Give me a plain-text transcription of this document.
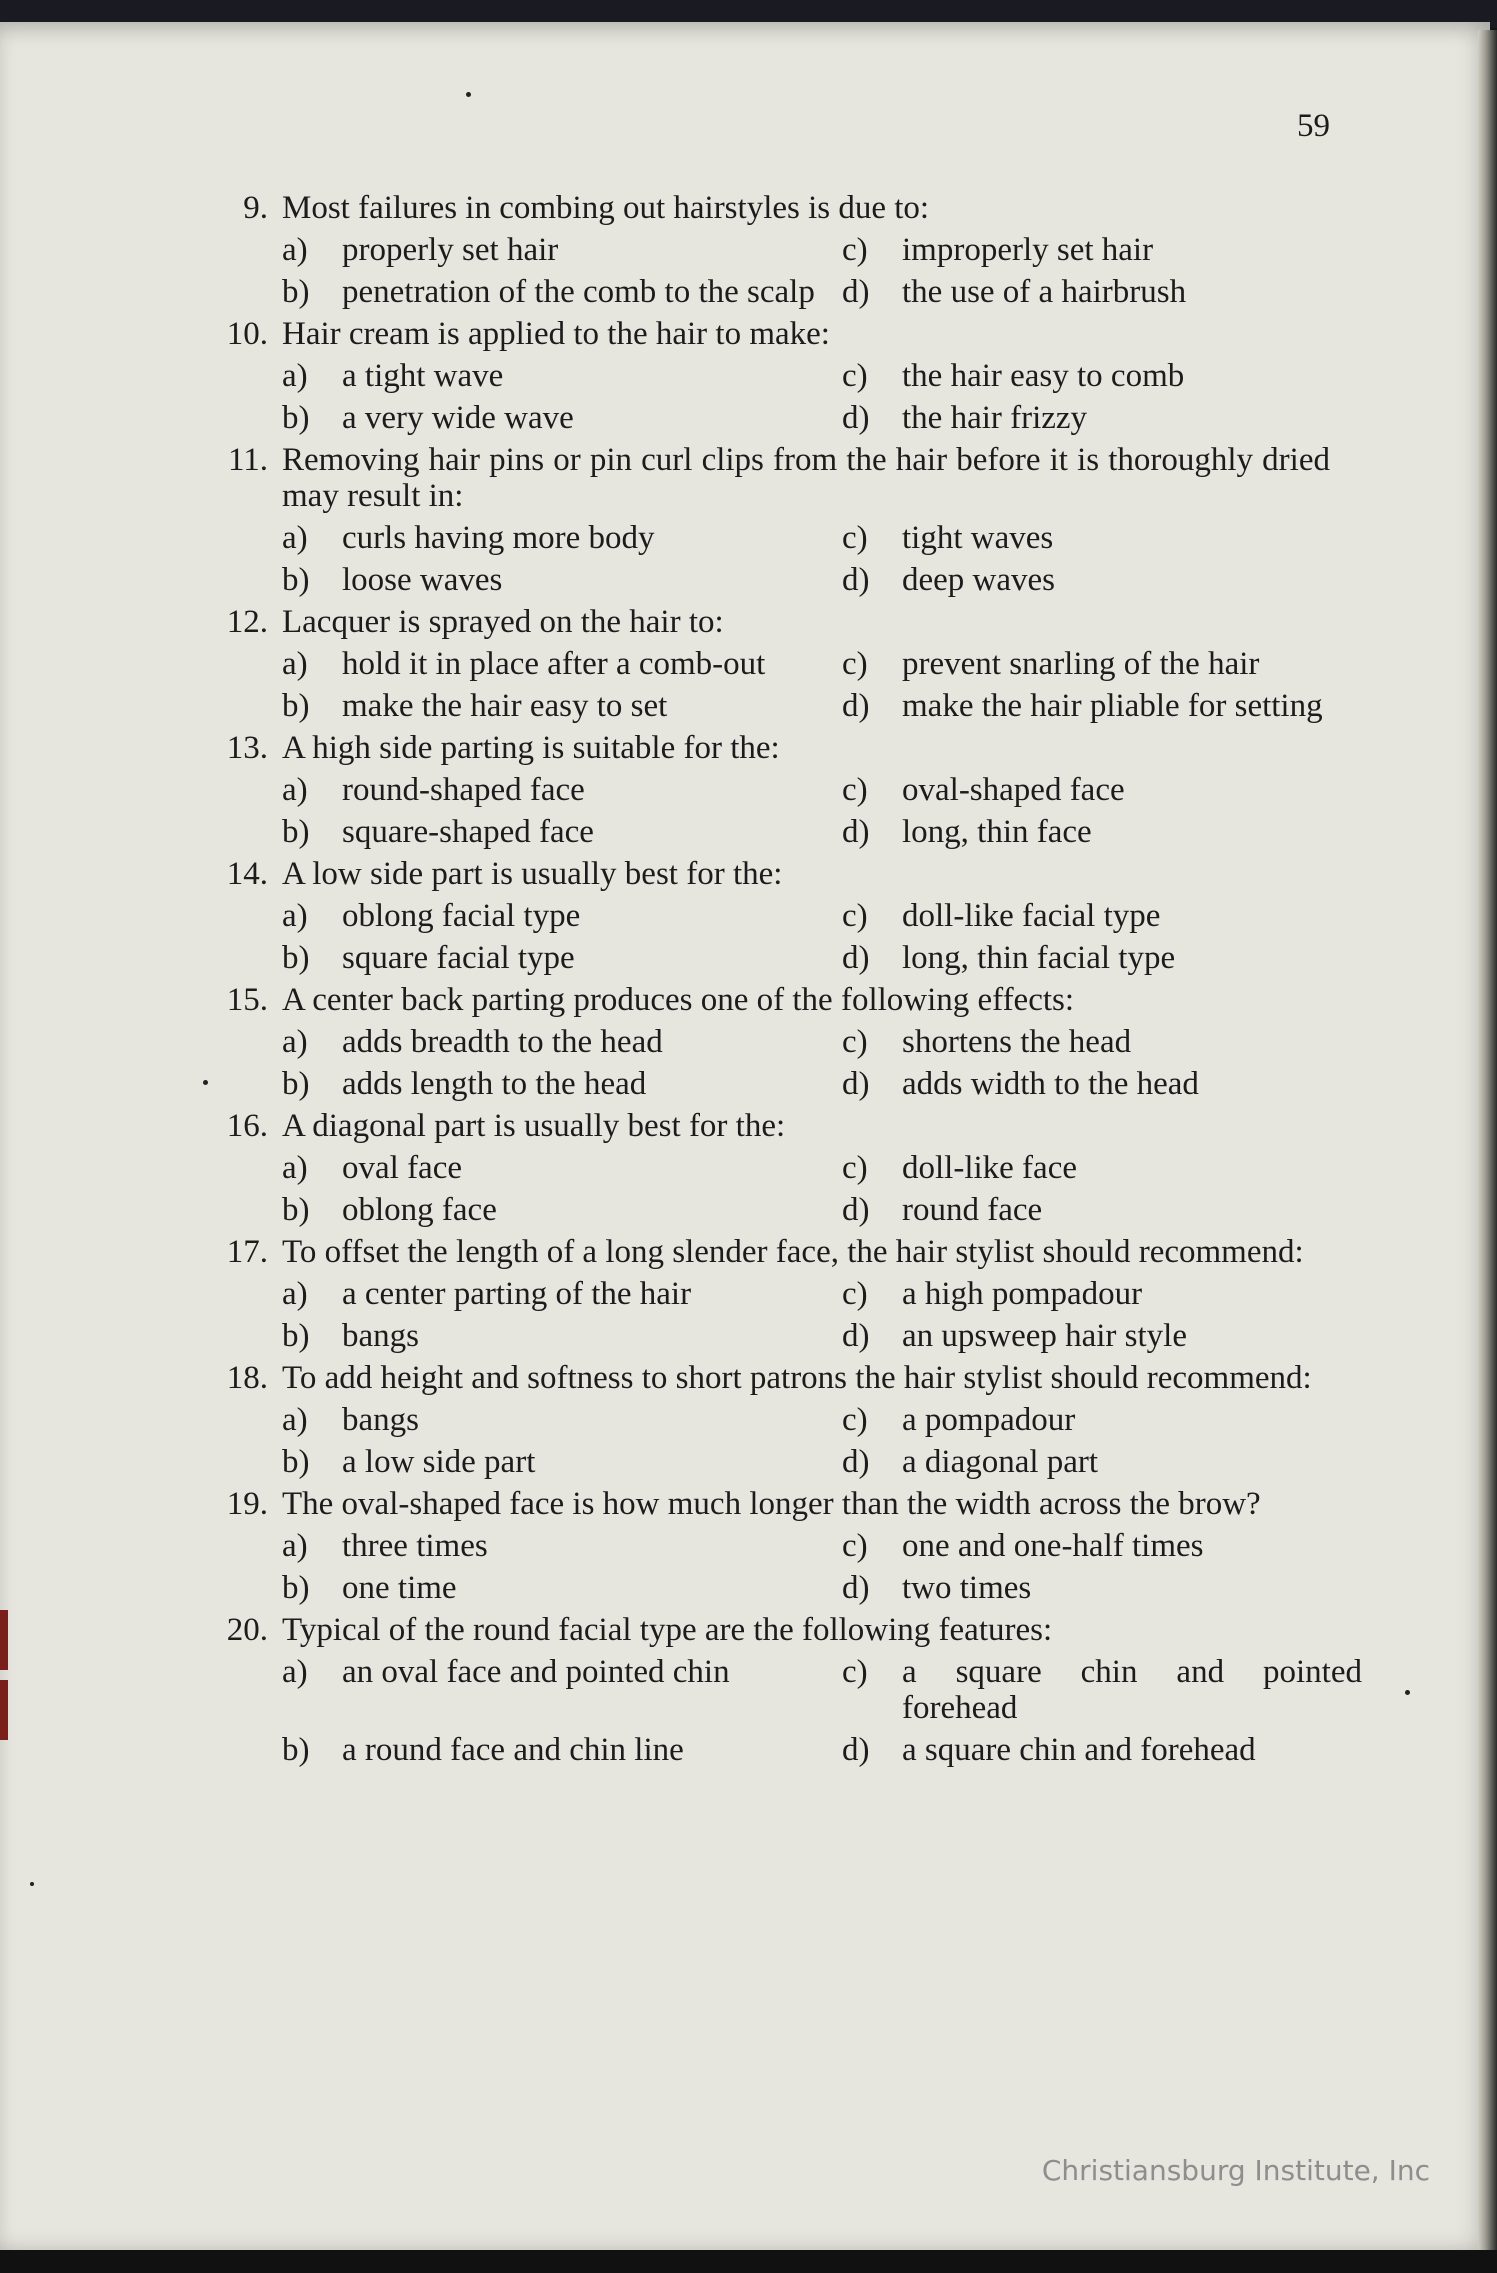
59
9. Most failures in combing out hairstyles is due to:
a)	properly set hair	c)	improperly set hair
b) penetration of the comb to the scalp d) the use of a hairbrush
10. Hair cream is applied to the hair to make:
a)	a tight wave	c)	the hair easy to comb
b) a very wide wave	d) the hair frizzy
11. Removing hair pins or pin curl clips from the hair before it is thoroughly dried may result in:
a)	curls having more body	c)	tight waves
b) loose waves	d) deep waves
12. Lacquer is sprayed on the hair to:
a)	hold it in place after a comb-out	c)	prevent snarling of the hair
b) make the hair easy to set	d) make the hair pliable for setting
13. A high side parting is suitable for the:
a)	round-shaped face	c)	oval-shaped face
b) square-shaped face	d) long, thin face
14. A low side part is usually best for the:
a)	oblong facial type	c)	doll-like facial type
b) square facial type	d) long, thin facial type
15. A center back parting produces one of the following effects:
a)	adds breadth to the head	c)	shortens the head
b) adds length to the head	d) adds width to the head
16. A diagonal part is usually best for the:
a)	oval face	c)	doll-like face
b) oblong face	d) round face
17. To offset the length of a long slender face, the hair stylist should recommend:
a)	a center parting of the hair	c)	a high pompadour
b) bangs	d) an upsweep hair style
18. To add height and softness to short patrons the hair stylist should recommend:
a)	bangs	c)	a pompadour
b) a low side part	d) a diagonal part
19. The oval-shaped face is how much longer than the width across the brow?
a)	three times	c)	one and one-half times
b) one time	d) two times
20. Typical of the round facial type are the following features:
a)	an oval face and pointed chin	c)	a square chin and pointed forehead
b) a round face and chin line	d) a square chin and forehead
Christiansburg Institute, Inc
